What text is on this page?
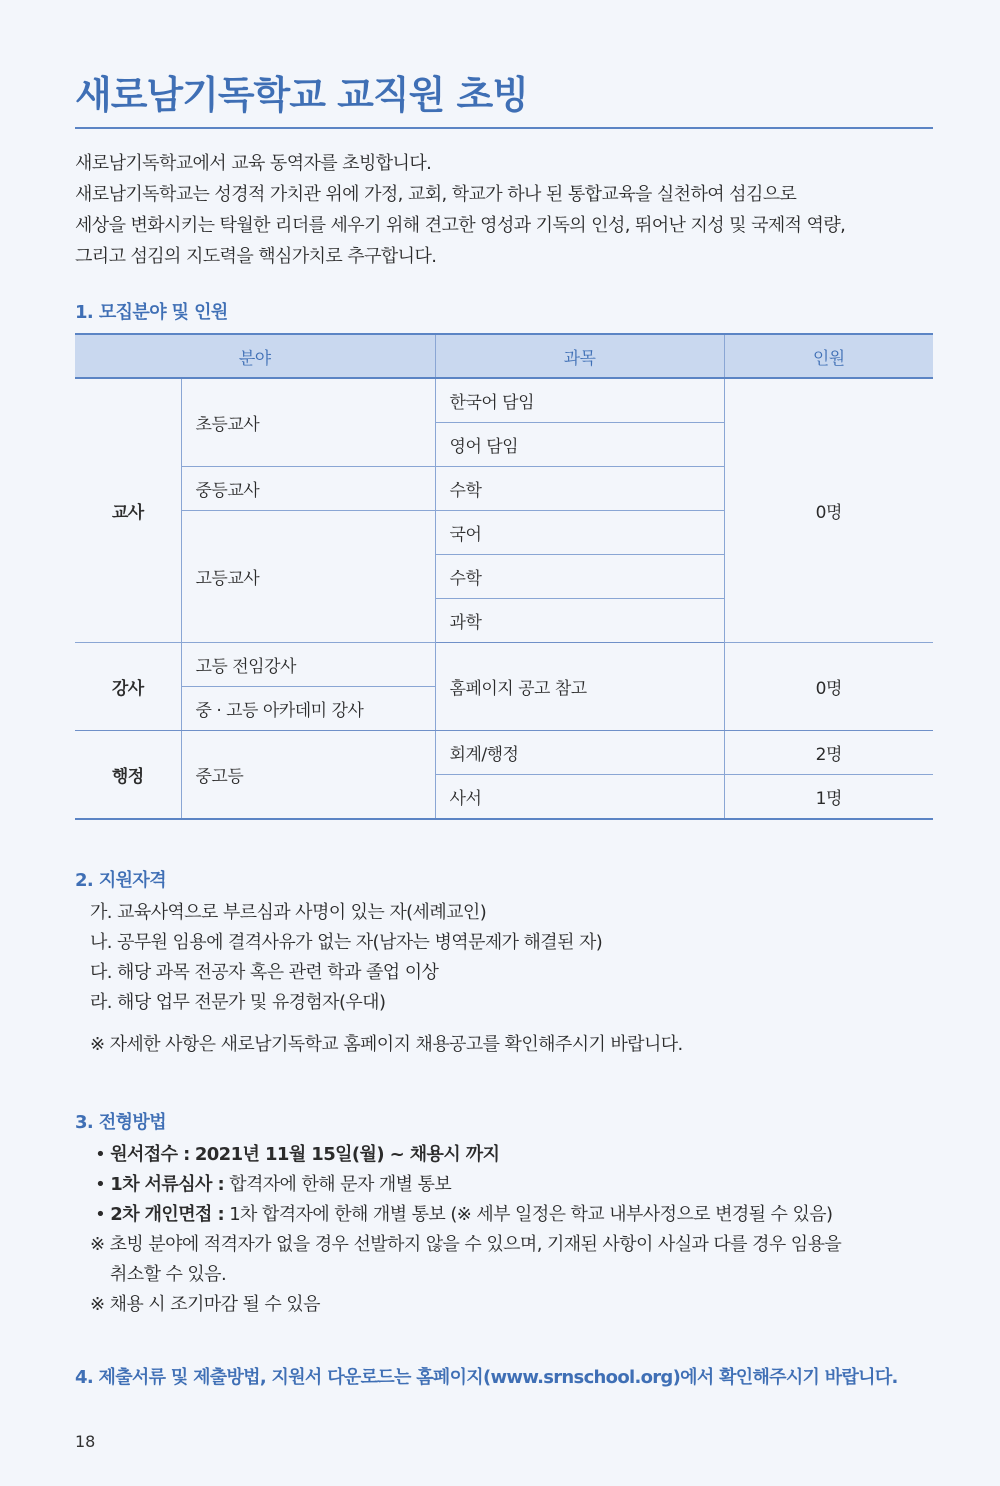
새로남기독학교 교직원 초빙
새로남기독학교에서 교육 동역자를 초빙합니다.
새로남기독학교는 성경적 가치관 위에 가정, 교회, 학교가 하나 된 통합교육을 실천하여 섬김으로
세상을 변화시키는 탁월한 리더를 세우기 위해 견고한 영성과 기독의 인성, 뛰어난 지성 및 국제적 역량,
그리고 섬김의 지도력을 핵심가치로 추구합니다.
1. 모집분야 및 인원
분야		과목	인원
교사	초등교사	한국어 담임	0명
		영어 담임	
	중등교사	수학	
	고등교사	국어	
		수학	
		과학	
강사	고등 전임강사	홈페이지 공고 참고	0명
	중 · 고등 아카데미 강사		
행정	중고등	회계/행정	2명
		사서	1명
2. 지원자격
가. 교육사역으로 부르심과 사명이 있는 자(세례교인)
나. 공무원 임용에 결격사유가 없는 자(남자는 병역문제가 해결된 자)
다. 해당 과목 전공자 혹은 관련 학과 졸업 이상
라. 해당 업무 전문가 및 유경험자(우대)
※ 자세한 사항은 새로남기독학교 홈페이지 채용공고를 확인해주시기 바랍니다.
3. 전형방법
• 원서접수 : 2021년 11월 15일(월) ~ 채용시 까지
• 1차 서류심사 : 합격자에 한해 문자 개별 통보
• 2차 개인면접 : 1차 합격자에 한해 개별 통보 (※ 세부 일정은 학교 내부사정으로 변경될 수 있음)
※ 초빙 분야에 적격자가 없을 경우 선발하지 않을 수 있으며, 기재된 사항이 사실과 다를 경우 임용을
취소할 수 있음.
※ 채용 시 조기마감 될 수 있음
4. 제출서류 및 제출방법, 지원서 다운로드는 홈페이지(www.srnschool.org)에서 확인해주시기 바랍니다.
18
